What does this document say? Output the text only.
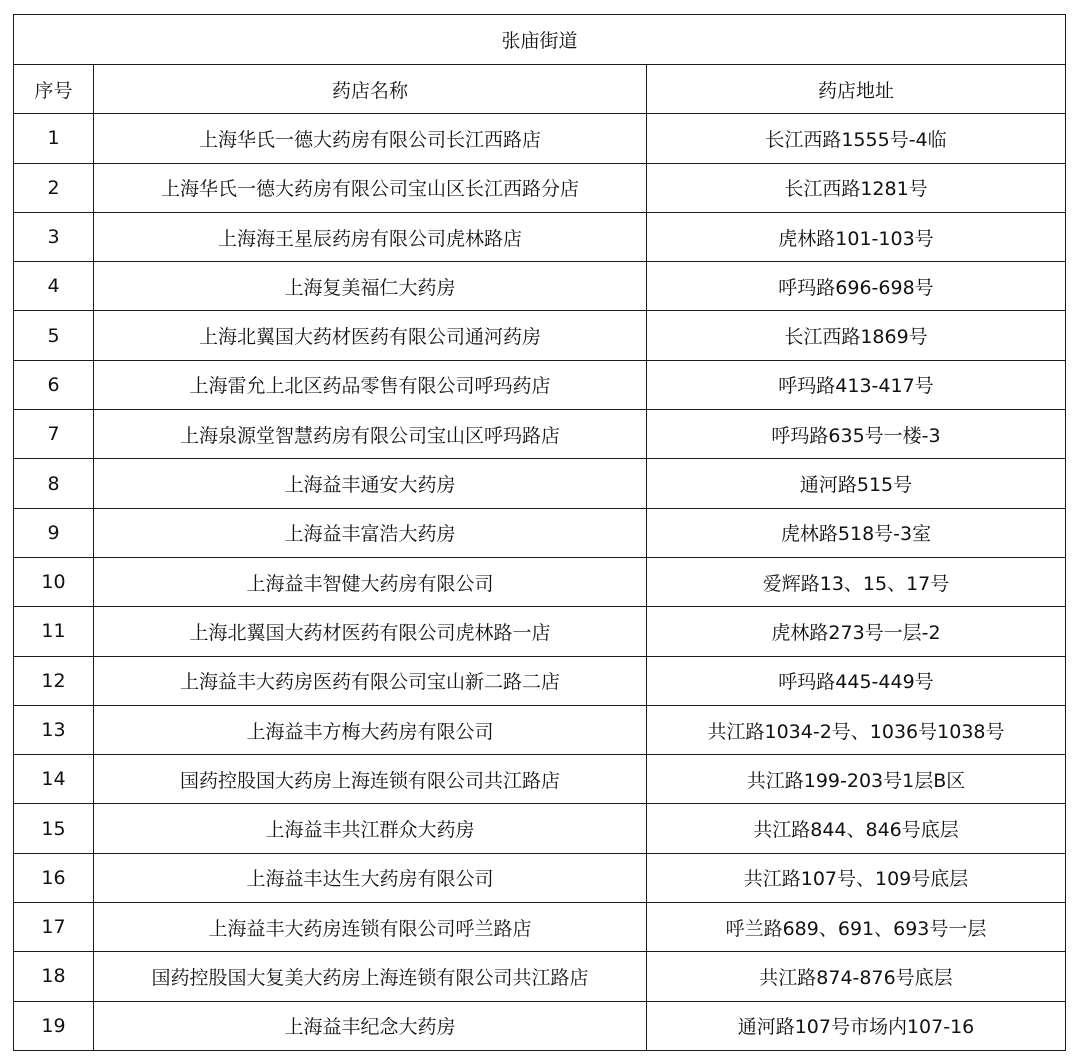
张庙街道		
序号	药店名称	药店地址
1	上海华氏一德大药房有限公司长江西路店	长江西路1555号-4临
2	上海华氏一德大药房有限公司宝山区长江西路分店	长江西路1281号
3	上海海王星辰药房有限公司虎林路店	虎林路101-103号
4	上海复美福仁大药房	呼玛路696-698号
5	上海北翼国大药材医药有限公司通河药房	长江西路1869号
6	上海雷允上北区药品零售有限公司呼玛药店	呼玛路413-417号
7	上海泉源堂智慧药房有限公司宝山区呼玛路店	呼玛路635号一楼-3
8	上海益丰通安大药房	通河路515号
9	上海益丰富浩大药房	虎林路518号-3室
10	上海益丰智健大药房有限公司	爱辉路13、15、17号
11	上海北翼国大药材医药有限公司虎林路一店	虎林路273号一层-2
12	上海益丰大药房医药有限公司宝山新二路二店	呼玛路445-449号
13	上海益丰方梅大药房有限公司	共江路1034-2号、1036号1038号
14	国药控股国大药房上海连锁有限公司共江路店	共江路199-203号1层B区
15	上海益丰共江群众大药房	共江路844、846号底层
16	上海益丰达生大药房有限公司	共江路107号、109号底层
17	上海益丰大药房连锁有限公司呼兰路店	呼兰路689、691、693号一层
18	国药控股国大复美大药房上海连锁有限公司共江路店	共江路874-876号底层
19	上海益丰纪念大药房	通河路107号市场内107-16
